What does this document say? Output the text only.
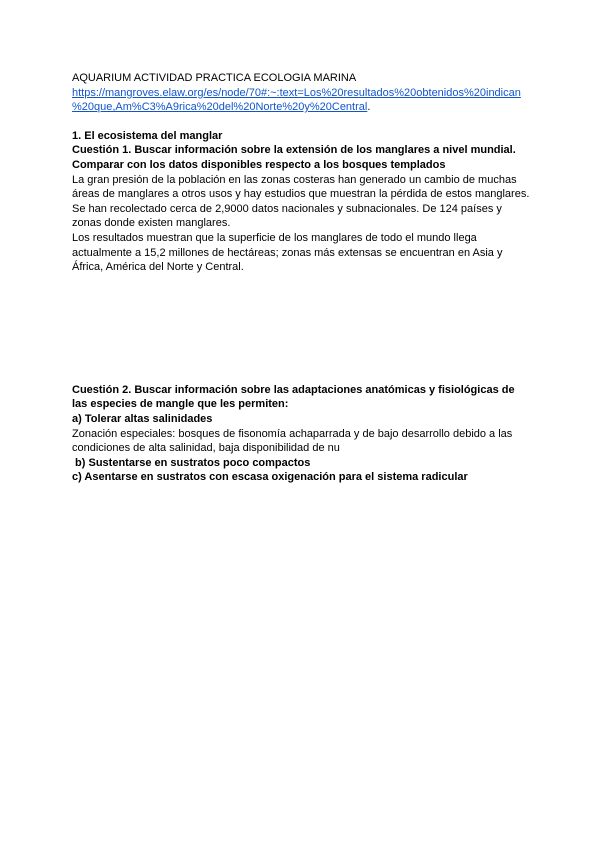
AQUARIUM ACTIVIDAD PRACTICA ECOLOGIA MARINA
https://mangroves.elaw.org/es/node/70#:~:text=Los%20resultados%20obtenidos%20indican
%20que,Am%C3%A9rica%20del%20Norte%20y%20Central.
1. El ecosistema del manglar
Cuestión 1. Buscar información sobre la extensión de los manglares a nivel mundial. Comparar con los datos disponibles respecto a los bosques templados
La gran presión de la población en las zonas costeras han generado un cambio de muchas áreas de manglares a otros usos y hay estudios que muestran la pérdida de estos manglares.
Se han recolectado cerca de 2,9000 datos nacionales y subnacionales. De 124 países y zonas donde existen manglares.
Los resultados muestran que la superficie de los manglares de todo el mundo llega actualmente a 15,2 millones de hectáreas; zonas más extensas se encuentran en Asia y África, América del Norte y Central.
Cuestión 2. Buscar información sobre las adaptaciones anatómicas y fisiológicas de las especies de mangle que les permiten:
a) Tolerar altas salinidades
Zonación especiales: bosques de fisonomía achaparrada y de bajo desarrollo debido a las condiciones de alta salinidad, baja disponibilidad de nu
b) Sustentarse en sustratos poco compactos
c) Asentarse en sustratos con escasa oxigenación para el sistema radicular
